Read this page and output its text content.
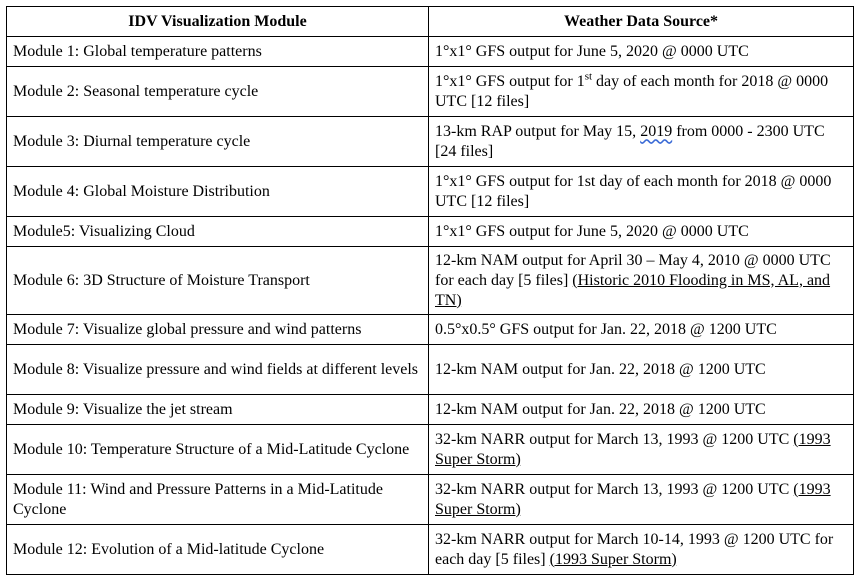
IDV Visualization Module	Weather Data Source*
Module 1: Global temperature patterns	1°x1° GFS output for June 5, 2020 @ 0000 UTC
Module 2: Seasonal temperature cycle	1°x1° GFS output for 1st day of each month for 2018 @ 0000 UTC [12 files]
Module 3: Diurnal temperature cycle	13-km RAP output for May 15, 2019 from 0000 - 2300 UTC [24 files]
Module 4: Global Moisture Distribution	1°x1° GFS output for 1st day of each month for 2018 @ 0000 UTC [12 files]
Module5: Visualizing Cloud	1°x1° GFS output for June 5, 2020 @ 0000 UTC
Module 6: 3D Structure of Moisture Transport	12-km NAM output for April 30 – May 4, 2010 @ 0000 UTC for each day [5 files] (Historic 2010 Flooding in MS, AL, and TN)
Module 7: Visualize global pressure and wind patterns	0.5°x0.5° GFS output for Jan. 22, 2018 @ 1200 UTC
Module 8: Visualize pressure and wind fields at different levels	12-km NAM output for Jan. 22, 2018 @ 1200 UTC
Module 9: Visualize the jet stream	12-km NAM output for Jan. 22, 2018 @ 1200 UTC
Module 10: Temperature Structure of a Mid-Latitude Cyclone	32-km NARR output for March 13, 1993 @ 1200 UTC (1993 Super Storm)
Module 11: Wind and Pressure Patterns in a Mid-Latitude Cyclone	32-km NARR output for March 13, 1993 @ 1200 UTC (1993 Super Storm)
Module 12: Evolution of a Mid-latitude Cyclone	32-km NARR output for March 10-14, 1993 @ 1200 UTC for each day [5 files] (1993 Super Storm)
